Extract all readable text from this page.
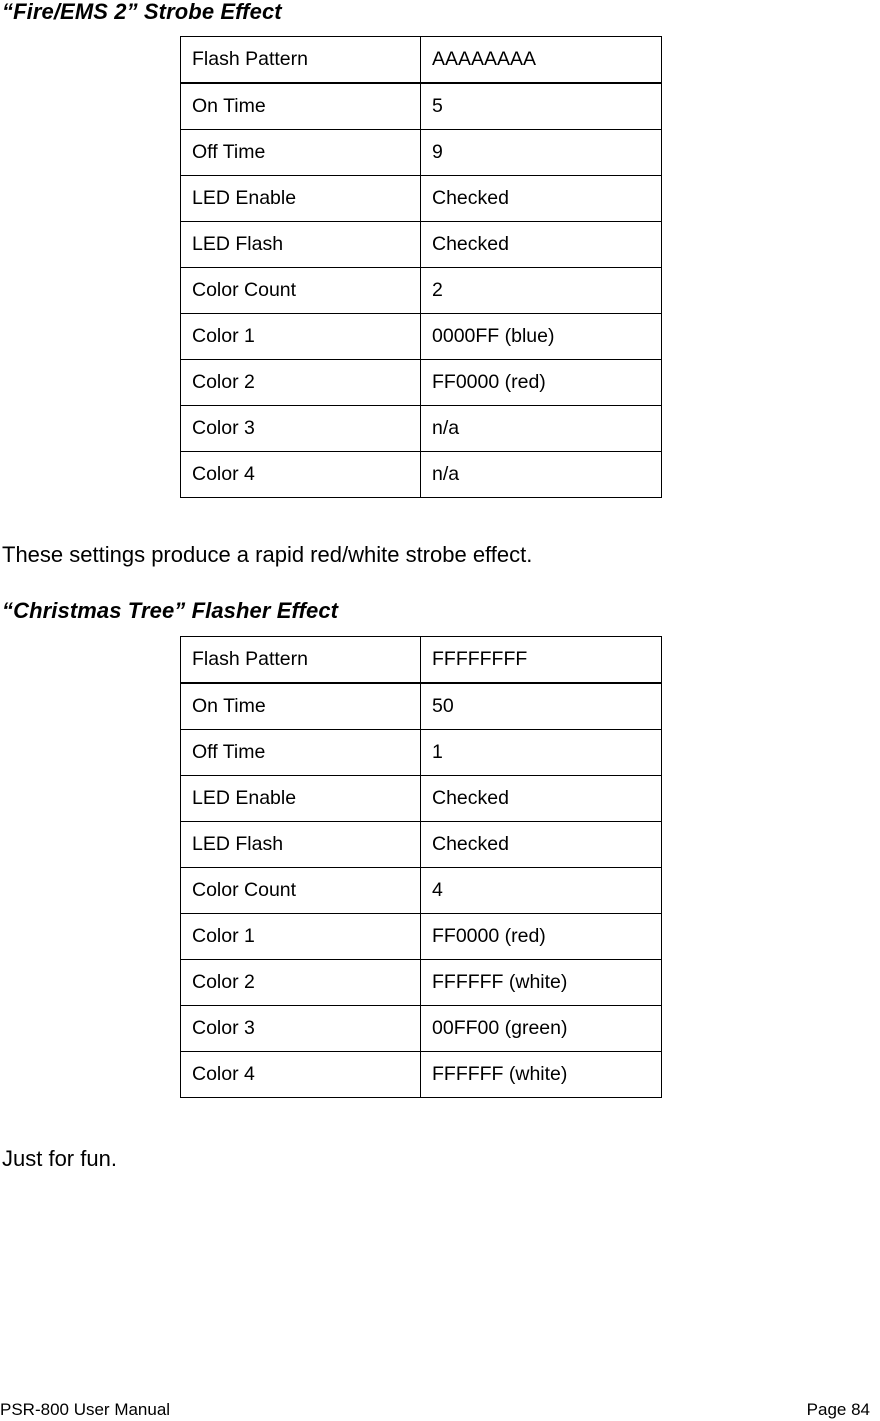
“Fire/EMS 2” Strobe Effect
Flash Pattern	AAAAAAAA
On Time	5
Off Time	9
LED Enable	Checked
LED Flash	Checked
Color Count	2
Color 1	0000FF (blue)
Color 2	FF0000 (red)
Color 3	n/a
Color 4	n/a
These settings produce a rapid red/white strobe effect.
“Christmas Tree” Flasher Effect
Flash Pattern	FFFFFFFF
On Time	50
Off Time	1
LED Enable	Checked
LED Flash	Checked
Color Count	4
Color 1	FF0000 (red)
Color 2	FFFFFF (white)
Color 3	00FF00 (green)
Color 4	FFFFFF (white)
Just for fun.
PSR-800 User Manual	Page 84
